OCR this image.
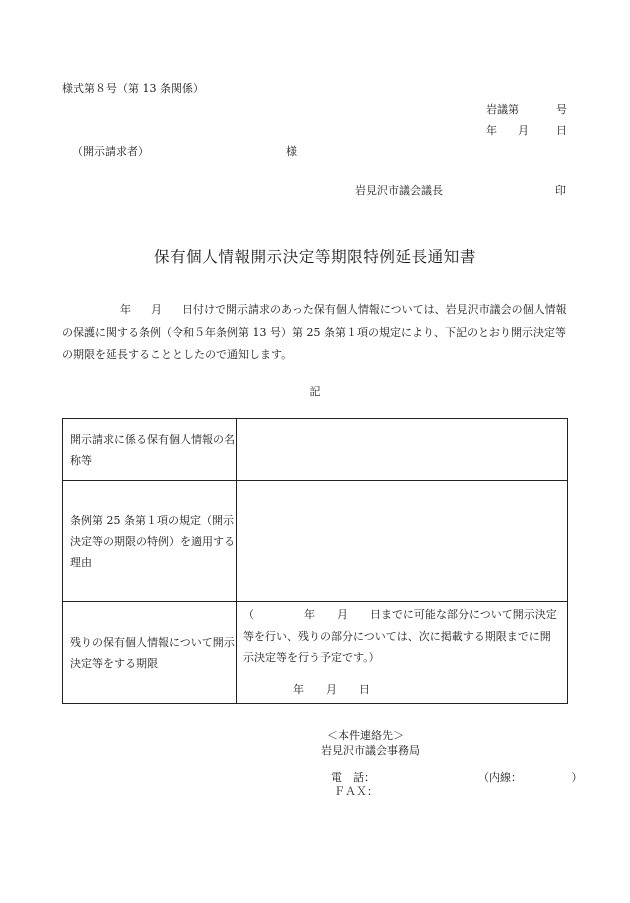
様式第８号（第 13 条関係）
岩議第	号
年 月 日
（開示請求者）	様
岩見沢市議会議長	印
保有個人情報開示決定等期限特例延長通知書
年 月 日付けで開示請求のあった保有個人情報については、岩見沢市議会の個人情報の保護に関する条例（令和５年条例第 13 号）第 25 条第１項の規定により、下記のとおり開示決定等の期限を延長することとしたので通知します。
記
開示請求に係る保有個人情報の名称等	
条例第 25 条第１項の規定（開示決定等の期限の特例）を適用する理由	
残りの保有個人情報について開示決定等をする期限	（ 年 月 日までに可能な部分について開示決定等を行い、残りの部分については、次に掲載する期限までに開示決定等を行う予定です。）
年 月 日
＜本件連絡先＞
岩見沢市議会事務局
電　話：	（内線：　　　　　）
ＦＡＸ：
